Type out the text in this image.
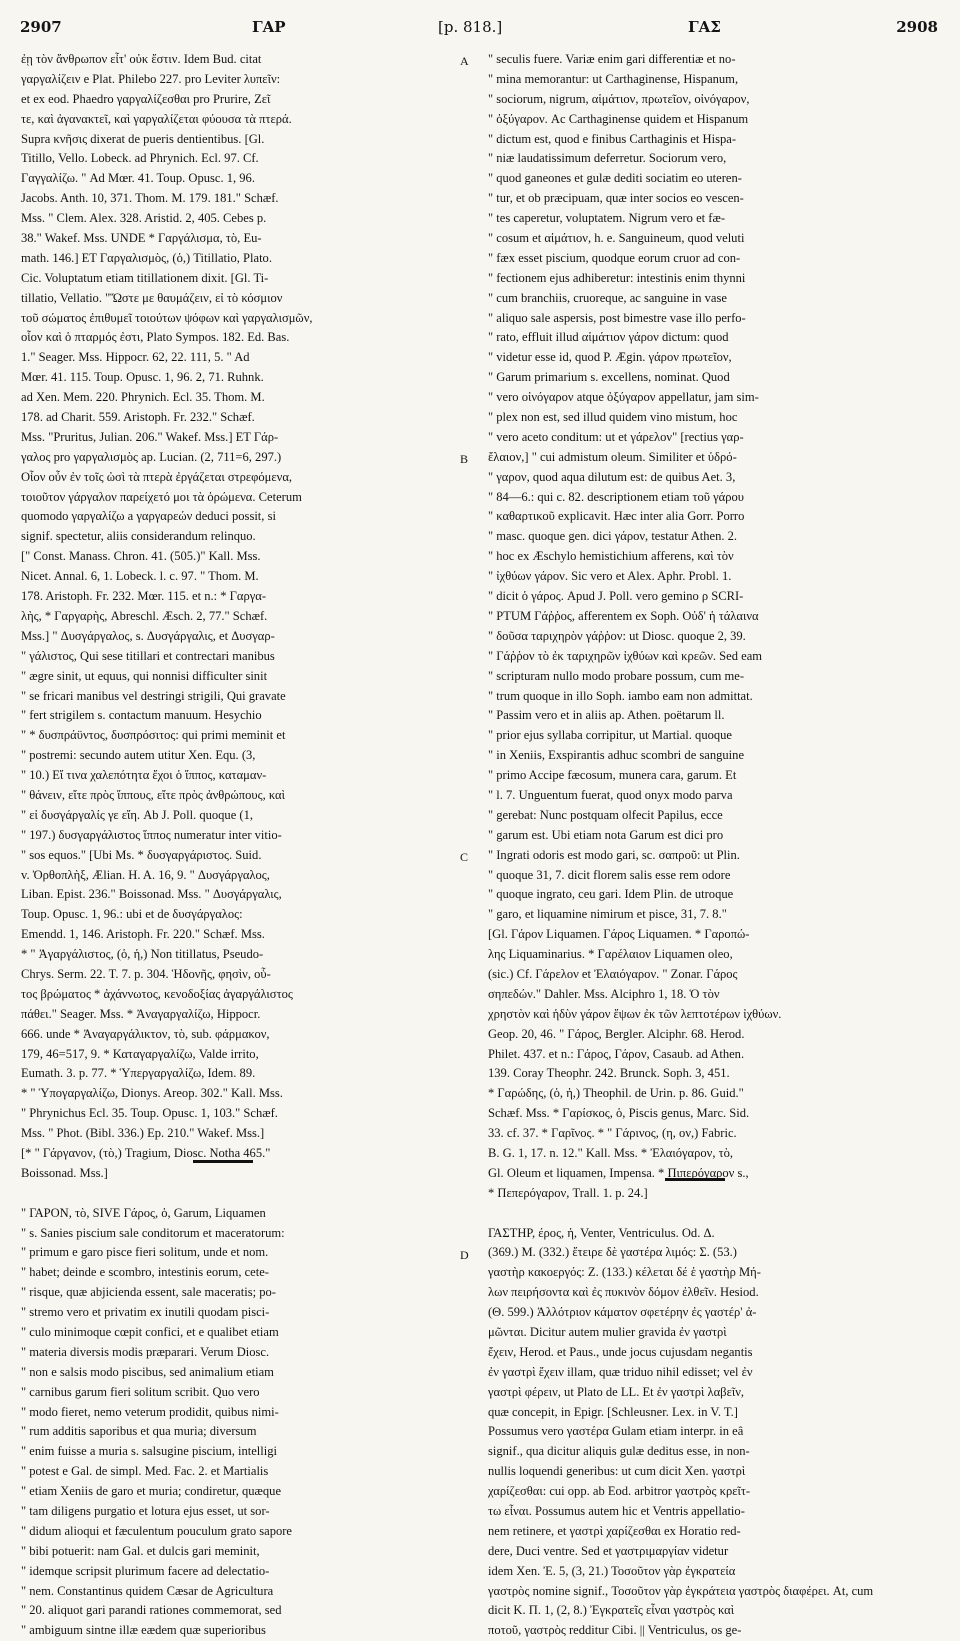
2907	ΓΑΡ	[p. 818.]	ΓΑΣ	2908
A
B
C
D
ἐῃ τὸν ἄνθρωπον εἶτ' οὐκ ἔστιν. Idem Bud. citat
γαργαλίζειν e Plat. Philebo 227. pro Leviter λυπεῖν:
et ex eod. Phaedro γαργαλίζεσθαι pro Prurire, Ζεῖ
τε, καὶ ἀγανακτεῖ, καὶ γαργαλίζεται φύουσα τὰ πτερά.
Supra κνῆσις dixerat de pueris dentientibus. [Gl.
Titillo, Vello. Lobeck. ad Phrynich. Ecl. 97. Cf.
Γαγγαλίζω. " Ad Mœr. 41. Toup. Opusc. 1, 96.
Jacobs. Anth. 10, 371. Thom. M. 179. 181." Schæf.
Mss. " Clem. Alex. 328. Aristid. 2, 405. Cebes p.
38." Wakef. Mss. UNDE * Γαργάλισμα, τὸ, Eu-
math. 146.] ET Γαργαλισμὸς, (ὁ,) Titillatio, Plato.
Cic. Voluptatum etiam titillationem dixit. [Gl. Ti-
tillatio, Vellatio. "Ὥστε με θαυμάζειν, εἰ τὸ κόσμιον
τοῦ σώματος ἐπιθυμεῖ τοιούτων ψόφων καὶ γαργαλισμῶν,
οἷον καὶ ὁ πταρμός ἐστι, Plato Sympos. 182. Ed. Bas.
1." Seager. Mss. Hippocr. 62, 22. 111, 5. " Ad
Mœr. 41. 115. Toup. Opusc. 1, 96. 2, 71. Ruhnk.
ad Xen. Mem. 220. Phrynich. Ecl. 35. Thom. M.
178. ad Charit. 559. Aristoph. Fr. 232." Schæf.
Mss. "Pruritus, Julian. 206." Wakef. Mss.] ET Γάρ-
γαλος pro γαργαλισμὸς ap. Lucian. (2, 711=6, 297.)
Οἷον οὖν ἐν τοῖς ὠσὶ τὰ πτερὰ ἐργάζεται στρεφόμενα,
τοιοῦτον γάργαλον παρείχετό μοι τὰ ὁρώμενα. Ceterum
quomodo γαργαλίζω a γαργαρεών deduci possit, si
signif. spectetur, aliis considerandum relinquo.
[" Const. Manass. Chron. 41. (505.)" Kall. Mss.
Nicet. Annal. 6, 1. Lobeck. l. c. 97. " Thom. M.
178. Aristoph. Fr. 232. Mœr. 115. et n.: * Γαργα-
λὴς, * Γαργαρὴς, Abreschl. Æsch. 2, 77." Schæf.
Mss.] " Δυσγάργαλος, s. Δυσγάργαλις, et Δυσγαρ-
" γάλιστος, Qui sese titillari et contrectari manibus
" ægre sinit, ut equus, qui nonnisi difficulter sinit
" se fricari manibus vel destringi strigili, Qui gravate
" fert strigilem s. contactum manuum. Hesychio
" * δυσπράϋντος, δυσπρόσιτος: qui primi meminit et
" postremi: secundo autem utitur Xen. Equ. (3,
" 10.) Εἴ τινα χαλεπότητα ἔχοι ὁ ἵππος, καταμαν-
" θάνειν, εἴτε πρὸς ἵππους, εἴτε πρὸς ἀνθρώπους, καὶ
" εἰ δυσγάργαλίς γε εἴη. Ab J. Poll. quoque (1,
" 197.) δυσγαργάλιστος ἵππος numeratur inter vitio-
" sos equos." [Ubi Ms. * δυσγαργάριστος. Suid.
v. Ὀρθοπλὴξ, Ælian. H. A. 16, 9. " Δυσγάργαλος,
Liban. Epist. 236." Boissonad. Mss. " Δυσγάργαλις,
Toup. Opusc. 1, 96.: ubi et de δυσγάργαλος:
Emendd. 1, 146. Aristoph. Fr. 220." Schæf. Mss.
* " Ἀγαργάλιστος, (ὁ, ἡ,) Non titillatus, Pseudo-
Chrys. Serm. 22. T. 7. p. 304. Ἡδονῆς, φησὶν, οὗ-
τος βρώματος * ἀχάννωτος, κενοδοξίας ἀγαργάλιστος
πάθει." Seager. Mss. * Ἀναγαργαλίζω, Hippocr.
666. unde * Ἀναγαργάλικτον, τὸ, sub. φάρμακον,
179, 46=517, 9. * Καταγαργαλίζω, Valde irrito,
Eumath. 3. p. 77. * Ὑπεργαργαλίζω, Idem. 89.
* " Ὑπογαργαλίζω, Dionys. Areop. 302." Kall. Mss.
" Phrynichus Ecl. 35. Toup. Opusc. 1, 103." Schæf.
Mss. " Phot. (Bibl. 336.) Ep. 210." Wakef. Mss.]
[* " Γάργανον, (τὸ,) Tragium, Diosc. Notha 465."
Boissonad. Mss.]
" ΓΑΡΟΝ, τὸ, SIVE Γάρος, ὁ, Garum, Liquamen
" s. Sanies piscium sale conditorum et maceratorum:
" primum e garo pisce fieri solitum, unde et nom.
" habet; deinde e scombro, intestinis eorum, cete-
" risque, quæ abjicienda essent, sale maceratis; po-
" stremo vero et privatim ex inutili quodam pisci-
" culo minimoque cœpit confici, et e qualibet etiam
" materia diversis modis præparari. Verum Diosc.
" non e salsis modo piscibus, sed animalium etiam
" carnibus garum fieri solitum scribit. Quo vero
" modo fieret, nemo veterum prodidit, quibus nimi-
" rum additis saporibus et qua muria; diversum
" enim fuisse a muria s. salsugine piscium, intelligi
" potest e Gal. de simpl. Med. Fac. 2. et Martialis
" etiam Xeniis de garo et muria; condiretur, quæque
" tam diligens purgatio et lotura ejus esset, ut sor-
" didum alioqui et fæculentum pouculum grato sapore
" bibi potuerit: nam Gal. et dulcis gari meminit,
" idemque scripsit plurimum facere ad delectatio-
" nem. Constantinus quidem Cæsar de Agricultura
" 20. aliquot gari parandi rationes commemorat, sed
" ambiguum sintne illæ eædem quæ superioribus
" seculis fuere. Variæ enim gari differentiæ et no-
" mina memorantur: ut Carthaginense, Hispanum,
" sociorum, nigrum, αἱμάτιον, πρωτεῖον, οἰνόγαρον,
" ὀξύγαρον. Ac Carthaginense quidem et Hispanum
" dictum est, quod e finibus Carthaginis et Hispa-
" niæ laudatissimum deferretur. Sociorum vero,
" quod ganeones et gulæ dediti sociatim eo uteren-
" tur, et ob præcipuam, quæ inter socios eo vescen-
" tes caperetur, voluptatem. Nigrum vero et fæ-
" cosum et αἱμάτιον, h. e. Sanguineum, quod veluti
" fæx esset piscium, quodque eorum cruor ad con-
" fectionem ejus adhiberetur: intestinis enim thynni
" cum branchiis, cruoreque, ac sanguine in vase
" aliquo sale aspersis, post bimestre vase illo perfo-
" rato, effluit illud αἱμάτιον γάρον dictum: quod
" videtur esse id, quod P. Ægin. γάρον πρωτεῖον,
" Garum primarium s. excellens, nominat. Quod
" vero οἰνόγαρον atque ὀξύγαρον appellatur, jam sim-
" plex non est, sed illud quidem vino mistum, hoc
" vero aceto conditum: ut et γάρελον" [rectius γαρ-
ἔλαιον,] " cui admistum oleum. Similiter et ὑδρό-
" γαρον, quod aqua dilutum est: de quibus Aet. 3,
" 84—6.: qui c. 82. descriptionem etiam τοῦ γάρου
" καθαρτικοῦ explicavit. Hæc inter alia Gorr. Porro
" masc. quoque gen. dici γάρον, testatur Athen. 2.
" hoc ex Æschylo hemistichium afferens, καὶ τὸν
" ἰχθύων γάρον. Sic vero et Alex. Aphr. Probl. 1.
" dicit ὁ γάρος. Apud J. Poll. vero gemino ρ SCRI-
" PTUM Γάῤῥος, afferentem ex Soph. Οὐδ' ἡ τάλαινα
" δοῦσα ταριχηρὸν γάῤῥον: ut Diosc. quoque 2, 39.
" Γάῤῥον τὸ ἐκ ταριχηρῶν ἰχθύων καὶ κρεῶν. Sed eam
" scripturam nullo modo probare possum, cum me-
" trum quoque in illo Soph. iambo eam non admittat.
" Passim vero et in aliis ap. Athen. poëtarum ll.
" prior ejus syllaba corripitur, ut Martial. quoque
" in Xeniis, Exspirantis adhuc scombri de sanguine
" primo Accipe fæcosum, munera cara, garum. Et
" l. 7. Unguentum fuerat, quod onyx modo parva
" gerebat: Nunc postquam olfecit Papilus, ecce
" garum est. Ubi etiam nota Garum est dici pro
" Ingrati odoris est modo gari, sc. σαπροῦ: ut Plin.
" quoque 31, 7. dicit florem salis esse rem odore
" quoque ingrato, ceu gari. Idem Plin. de utroque
" garo, et liquamine nimirum et pisce, 31, 7. 8."
[Gl. Γάρον Liquamen. Γάρος Liquamen. * Γαροπώ-
λης Liquaminarius. * Γαρέλαιον Liquamen oleo,
(sic.) Cf. Γάρελον et Ἐλαιόγαρον. " Zonar. Γάρος
σηπεδών." Dahler. Mss. Alciphro 1, 18. Ὁ τὸν
χρηστὸν καὶ ἡδὺν γάρον ἕψων ἐκ τῶν λεπτοτέρων ἰχθύων.
Geop. 20, 46. " Γάρος, Bergler. Alciphr. 68. Herod.
Philet. 437. et n.: Γάρος, Γάρον, Casaub. ad Athen.
139. Coray Theophr. 242. Brunck. Soph. 3, 451.
* Γαρώδης, (ὁ, ἡ,) Theophil. de Urin. p. 86. Guid."
Schæf. Mss. * Γαρίσκος, ὁ, Piscis genus, Marc. Sid.
33. cf. 37. * Γαρῖνος. * " Γάρινος, (η, ον,) Fabric.
B. G. 1, 17. n. 12." Kall. Mss. * Ἐλαιόγαρον, τὸ,
Gl. Oleum et liquamen, Impensa. * Πιπερόγαρον s.,
* Πεπερόγαρον, Trall. 1. p. 24.]
ΓΑΣΤΗΡ, έρος, ἡ, Venter, Ventriculus. Od. Δ.
(369.) M. (332.) ἔτειρε δὲ γαστέρα λιμός: Σ. (53.)
γαστὴρ κακοεργός: Ζ. (133.) κέλεται δέ ἑ γαστὴρ Μή-
λων πειρήσοντα καὶ ἐς πυκινὸν δόμον ἐλθεῖν. Hesiod.
(Θ. 599.) Ἀλλότριον κάματον σφετέρην ἐς γαστέρ' ἀ-
μῶνται. Dicitur autem mulier gravida ἐν γαστρὶ
ἔχειν, Herod. et Paus., unde jocus cujusdam negantis
ἐν γαστρὶ ἔχειν illam, quæ triduo nihil edisset; vel ἐν
γαστρὶ φέρειν, ut Plato de LL. Et ἐν γαστρὶ λαβεῖν,
quæ concepit, in Epigr. [Schleusner. Lex. in V. T.]
Possumus vero γαστέρα Gulam etiam interpr. in eâ
signif., qua dicitur aliquis gulæ deditus esse, in non-
nullis loquendi generibus: ut cum dicit Xen. γαστρὶ
χαρίζεσθαι: cui opp. ab Eod. arbitror γαστρὸς κρεῖτ-
τω εἶναι. Possumus autem hic et Ventris appellatio-
nem retinere, et γαστρὶ χαρίζεσθαι ex Horatio red-
dere, Duci ventre. Sed et γαστριμαργίαν videtur
idem Xen. Ἐ. 5, (3, 21.) Τοσοῦτον γὰρ ἐγκρατεία
γαστρὸς nomine signif., Τοσοῦτον γὰρ ἐγκράτεια γαστρὸς διαφέρει. At, cum
dicit Κ. Π. 1, (2, 8.) Ἐγκρατεῖς εἶναι γαστρὸς καὶ
ποτοῦ, γαστρὸς redditur Cibi. || Ventriculus, os ge-
